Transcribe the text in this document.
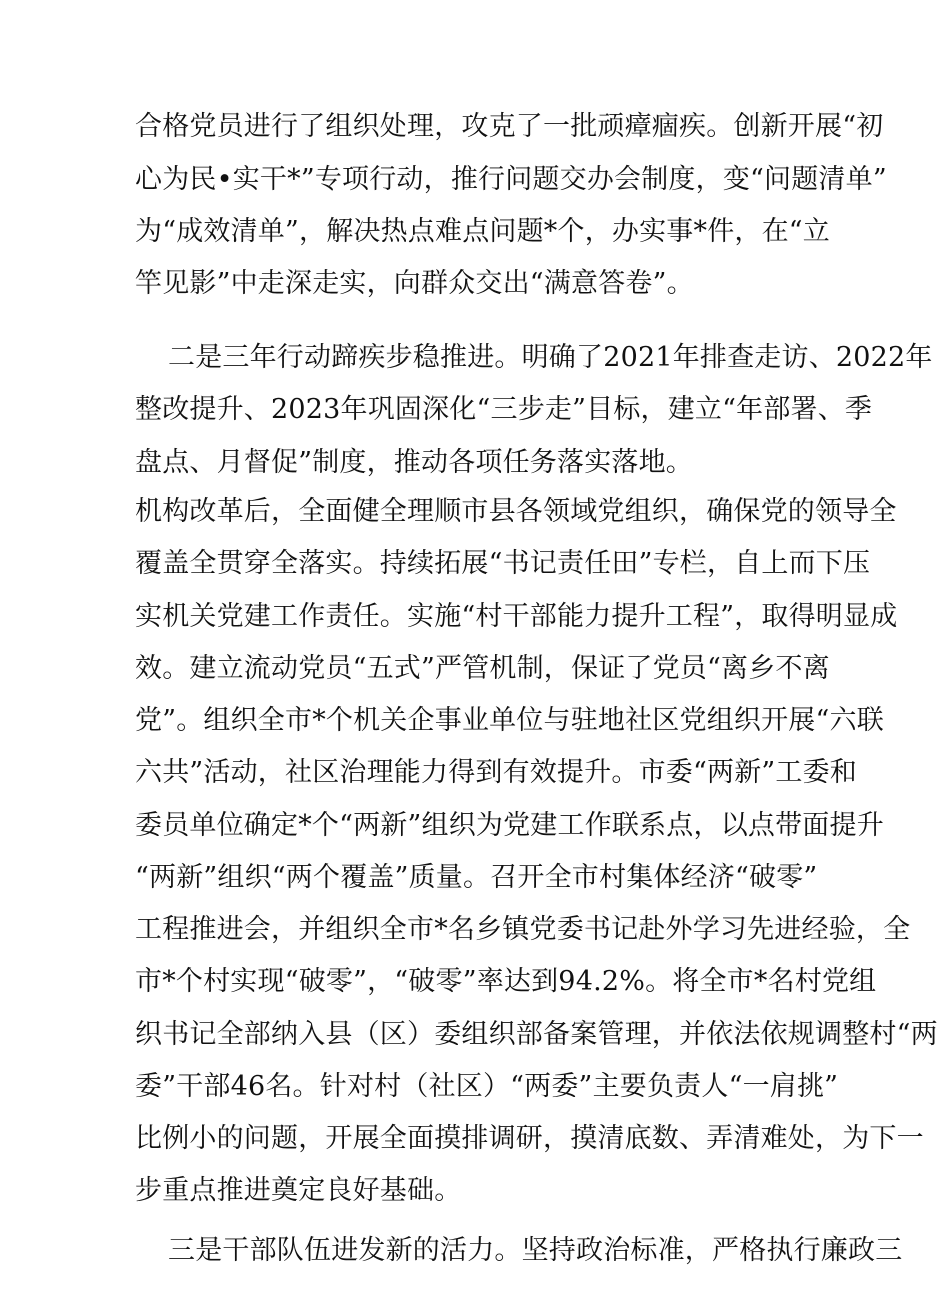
合格党员进行了组织处理，攻克了一批顽瘴痼疾。创新开展“初
心为民•实干*”专项行动，推行问题交办会制度，变“问题清单”
为“成效清单”，解决热点难点问题*个，办实事*件，在“立
竿见影”中走深走实，向群众交出“满意答卷”。
二是三年行动蹄疾步稳推进。明确了2021年排查走访、2022年
整改提升、2023年巩固深化“三步走”目标，建立“年部署、季
盘点、月督促”制度，推动各项任务落实落地。
机构改革后，全面健全理顺市县各领域党组织，确保党的领导全
覆盖全贯穿全落实。持续拓展“书记责任田”专栏，自上而下压
实机关党建工作责任。实施“村干部能力提升工程”，取得明显成
效。建立流动党员“五式”严管机制，保证了党员“离乡不离
党”。组织全市*个机关企事业单位与驻地社区党组织开展“六联
六共”活动，社区治理能力得到有效提升。市委“两新”工委和
委员单位确定*个“两新”组织为党建工作联系点，以点带面提升
“两新”组织“两个覆盖”质量。召开全市村集体经济“破零”
工程推进会，并组织全市*名乡镇党委书记赴外学习先进经验，全
市*个村实现“破零”，“破零”率达到94.2%。将全市*名村党组
织书记全部纳入县（区）委组织部备案管理，并依法依规调整村“两
委”干部46名。针对村（社区）“两委”主要负责人“一肩挑”
比例小的问题，开展全面摸排调研，摸清底数、弄清难处，为下一
步重点推进奠定良好基础。
三是干部队伍进发新的活力。坚持政治标准，严格执行廉政三
